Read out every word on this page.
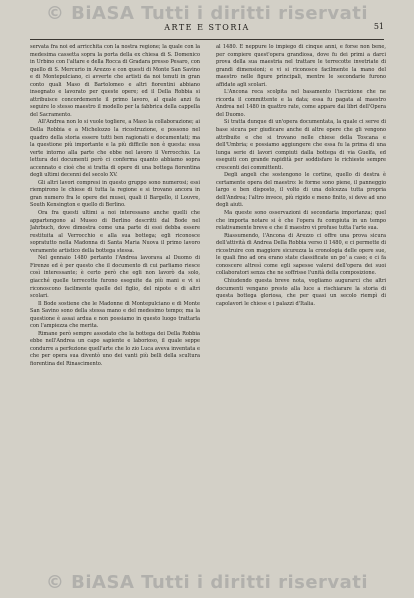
© BiASA Tutti i diritti riservati
ARTE E STORIA	51

servata fra noi ed arricchita con la nostra regione; la quale con la medesima cassetta sopra la porta della ex chiesa di S. Domenico in Urbino con l'altare e della Rocca di Gradara presso Pesaro, con quello di S. Mercurio in Arezzo e con questi di Monte San Savino e di Montepulciano, ci avverte che artisti da noi tenuti in gran conto quali Maso di Bartolomeo e altri fiorentini abbiano insegnato e lavorato per queste opere; ed il Della Robbia si attribuisce concordemente il primo lavoro, al quale anzi fa seguire lo stesso maestro il modello per la fabbrica della cappella del Sacramento.

All'Andrea non lo si vuole togliere, a Maso la collaborazione; ai Della Robbia e a Michelozzo la ricostruzione, e possono nel quadro della storia essere tutti ben ragionati e documentati; ma la questione più importante e la più difficile non è questa: essa verte intorno alla parte che ebbe nel lavoro il Verrocchio. La lettura dei documenti però ci conferma quanto abbiamo sopra accennato e cioè che si tratta di opere di una bottega fiorentina degli ultimi decenni del secolo XV.

Gli altri lavori compresi in questo gruppo sono numerosi; essi riempirono le chiese di tutta la regione e si trovano ancora in gran numero fra le opere dei musei, quali il Bargello, il Louvre, South Kensington e quello di Berlino.

Ora fra questi ultimi a noi interessano anche quelli che appartengono al Museo di Berlino descritti dal Bode nel Jahrbuch, dove dimostra come una parte di essi debba essere restituita al Verrocchio e alla sua bottega; egli riconosce sopratutto nella Madonna di Santa Maria Nuova il primo lavoro veramente artistico della bottega stessa.

Nel gennaio 1480 pertanto l'Andrea lavorava al Duomo di Firenze ed è per questo che il documento di cui parliamo riesce così interessante; è certo però che egli non lavorò da solo, giacché quelle terrecotte furono eseguite da più mani e vi si riconoscono facilmente quelle del figlio, del nipote e di altri scolari.

Il Bode sostiene che le Madonne di Montepulciano e di Monte San Savino sono della stessa mano e del medesimo tempo; ma la questione è assai ardua e non possiamo in questo luogo trattarla con l'ampiezza che merita.

Rimane però sempre assodato che la bottega dei Della Robbia ebbe nell'Andrea un capo sapiente e laborioso, il quale seppe condurre a perfezione quell'arte che lo zio Luca aveva inventata e che per opera sua diventò uno dei vanti più belli della scultura fiorentina del Rinascimento.

al 1480. E neppure lo impiego di cinque anni, e forse non bene, per compiere quest'opera grandiosa, dove fu dei primi a darci prova della sua maestria nel trattare le terrecotte invetriate di grandi dimensioni; e vi si riconosce facilmente la mano del maestro nelle figure principali, mentre le secondarie furono affidate agli scolari.

L'Ancona reca scolpita nel basamento l'iscrizione che ne ricorda il committente e la data; essa fu pagata al maestro Andrea nel 1480 in quattro rate, come appare dai libri dell'Opera del Duomo.

Si tratta dunque di un'opera documentata, la quale ci serve di base sicura per giudicare anche di altre opere che gli vengono attribuite e che si trovano nelle chiese della Toscana e dell'Umbria; e possiamo aggiungere che essa fu la prima di una lunga serie di lavori compiuti dalla bottega di via Guelfa, ed eseguiti con grande rapidità per soddisfare le richieste sempre crescenti dei committenti.

Degli angeli che sostengono le cortine, quello di destra è certamente opera del maestro: le forme sono piene, il panneggio largo e ben disposto, il volto di una dolcezza tutta propria dell'Andrea; l'altro invece, più rigido e meno finito, si deve ad uno degli aiuti.

Ma queste sono osservazioni di secondaria importanza; quel che importa notare si è che l'opera fu compiuta in un tempo relativamente breve e che il maestro vi profuse tutta l'arte sua.

Riassumendo, l'Ancona di Arezzo ci offre una prova sicura dell'attività di Andrea Della Robbia verso il 1480, e ci permette di ricostruire con maggiore sicurezza la cronologia delle opere sue, le quali fino ad ora erano state classificate un po' a caso; e ci fa conoscere altresì come egli sapesse valersi dell'opera dei suoi collaboratori senza che ne soffrisse l'unità della composizione.

Chiudendo questa breve nota, vogliamo augurarci che altri documenti vengano presto alla luce a rischiarare la storia di questa bottega gloriosa, che per quasi un secolo riempì di capolavori le chiese e i palazzi d'Italia.

© BiASA Tutti i diritti riservati
